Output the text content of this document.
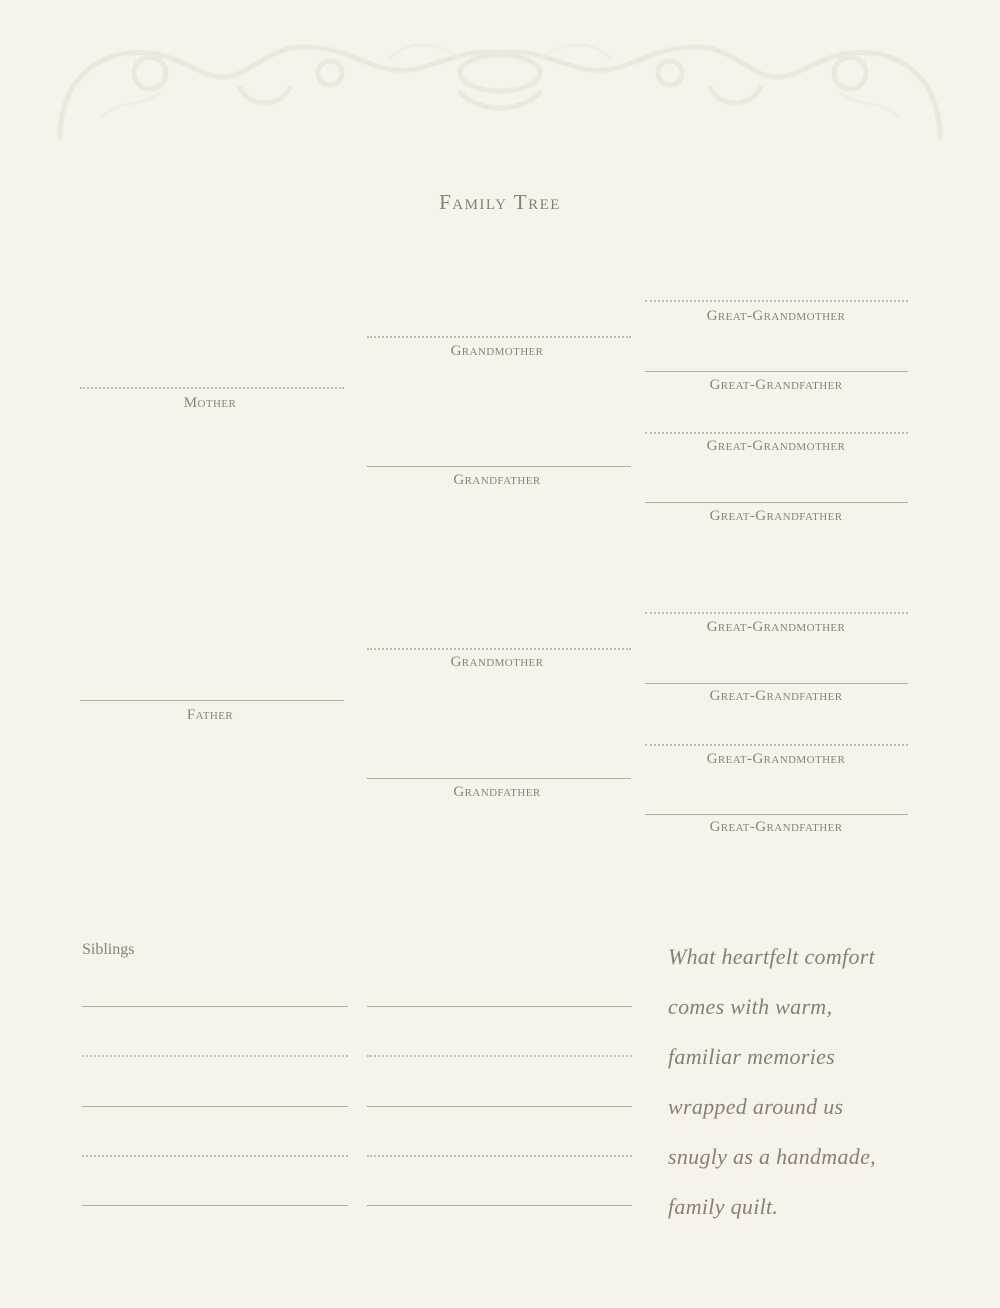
Family Tree
Mother
Father
Grandmother
Grandfather
Grandmother
Grandfather
Great-Grandmother
Great-Grandfather
Great-Grandmother
Great-Grandfather
Great-Grandmother
Great-Grandfather
Great-Grandmother
Great-Grandfather
Siblings	What heartfelt comfort
comes with warm,
familiar memories
wrapped around us
snugly as a handmade,
family quilt.
